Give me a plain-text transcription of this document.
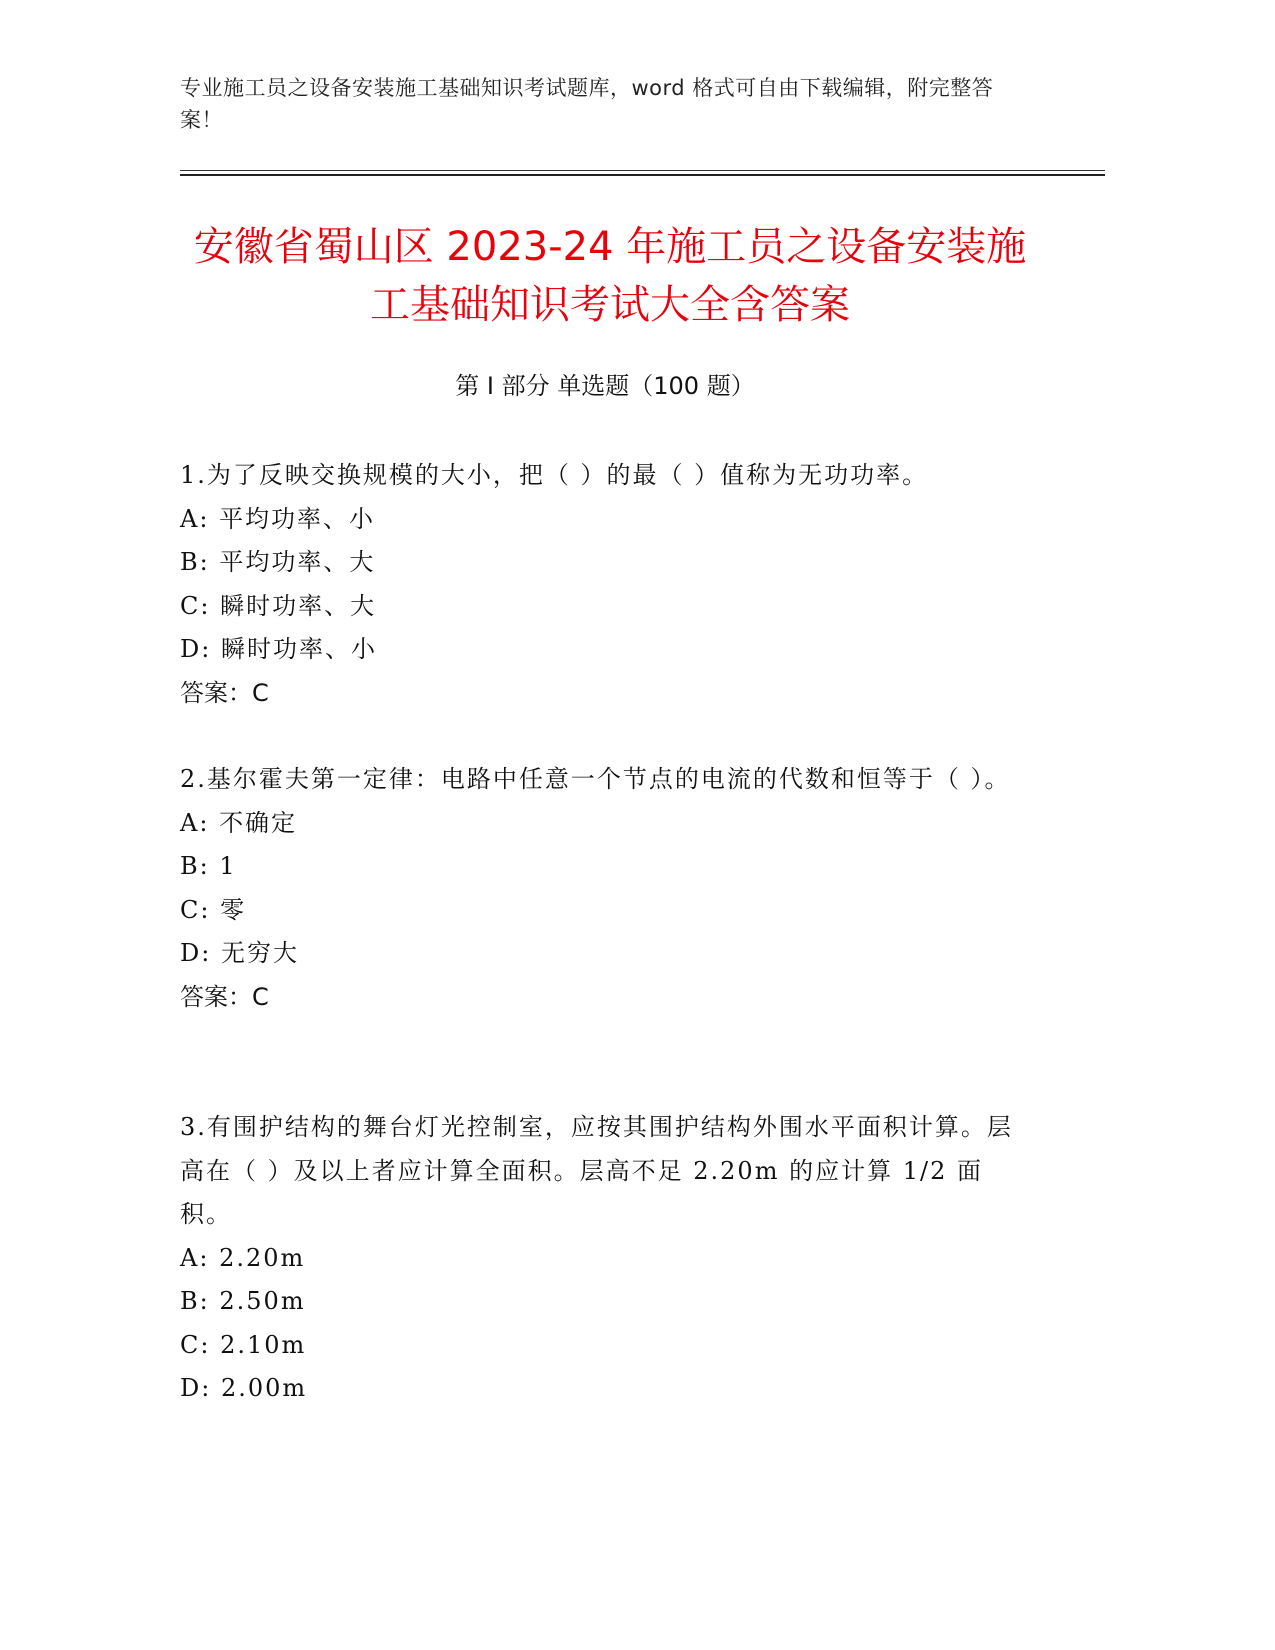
专业施工员之设备安装施工基础知识考试题库，word 格式可自由下载编辑，附完整答案！
安徽省蜀山区 2023-24 年施工员之设备安装施工基础知识考试大全含答案
第 I 部分 单选题（100 题）

1.为了反映交换规模的大小，把（ ）的最（ ）值称为无功功率。

A: 平均功率、小

B: 平均功率、大

C: 瞬时功率、大

D: 瞬时功率、小

答案：C

2.基尔霍夫第一定律：电路中任意一个节点的电流的代数和恒等于（ ）。

A: 不确定

B: 1

C: 零

D: 无穷大

答案：C

3.有围护结构的舞台灯光控制室，应按其围护结构外围水平面积计算。层高在（ ）及以上者应计算全面积。层高不足 2.20m 的应计算 1/2 面积。

A: 2.20m

B: 2.50m

C: 2.10m

D: 2.00m
